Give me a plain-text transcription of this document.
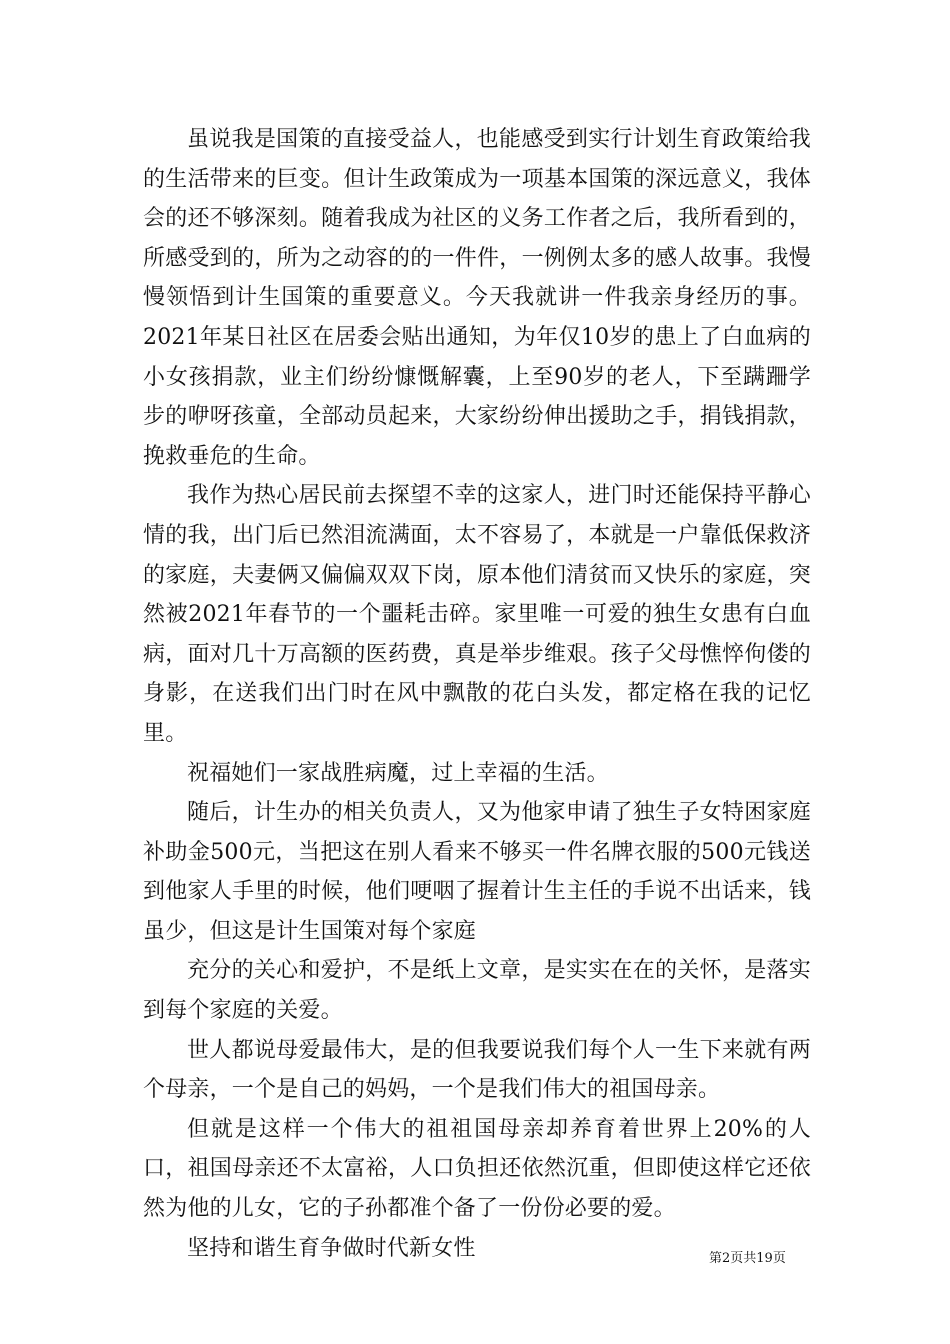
虽说我是国策的直接受益人，也能感受到实行计划生育政策给我的生活带来的巨变。但计生政策成为一项基本国策的深远意义，我体会的还不够深刻。随着我成为社区的义务工作者之后，我所看到的，所感受到的，所为之动容的的一件件，一例例太多的感人故事。我慢慢领悟到计生国策的重要意义。今天我就讲一件我亲身经历的事。2021年某日社区在居委会贴出通知，为年仅10岁的患上了白血病的小女孩捐款，业主们纷纷慷慨解囊，上至90岁的老人，下至蹒跚学步的咿呀孩童，全部动员起来，大家纷纷伸出援助之手，捐钱捐款，挽救垂危的生命。

我作为热心居民前去探望不幸的这家人，进门时还能保持平静心情的我，出门后已然泪流满面，太不容易了，本就是一户靠低保救济的家庭，夫妻俩又偏偏双双下岗，原本他们清贫而又快乐的家庭，突然被2021年春节的一个噩耗击碎。家里唯一可爱的独生女患有白血病，面对几十万高额的医药费，真是举步维艰。孩子父母憔悴佝偻的身影，在送我们出门时在风中飘散的花白头发，都定格在我的记忆里。

祝福她们一家战胜病魔，过上幸福的生活。

随后，计生办的相关负责人，又为他家申请了独生子女特困家庭补助金500元，当把这在别人看来不够买一件名牌衣服的500元钱送到他家人手里的时候，他们哽咽了握着计生主任的手说不出话来，钱虽少，但这是计生国策对每个家庭

充分的关心和爱护，不是纸上文章，是实实在在的关怀，是落实到每个家庭的关爱。

世人都说母爱最伟大，是的但我要说我们每个人一生下来就有两个母亲，一个是自己的妈妈，一个是我们伟大的祖国母亲。

但就是这样一个伟大的祖祖国母亲却养育着世界上20%的人口，祖国母亲还不太富裕，人口负担还依然沉重，但即使这样它还依然为他的儿女，它的子孙都准个备了一份份必要的爱。

坚持和谐生育争做时代新女性	第2页共19页
